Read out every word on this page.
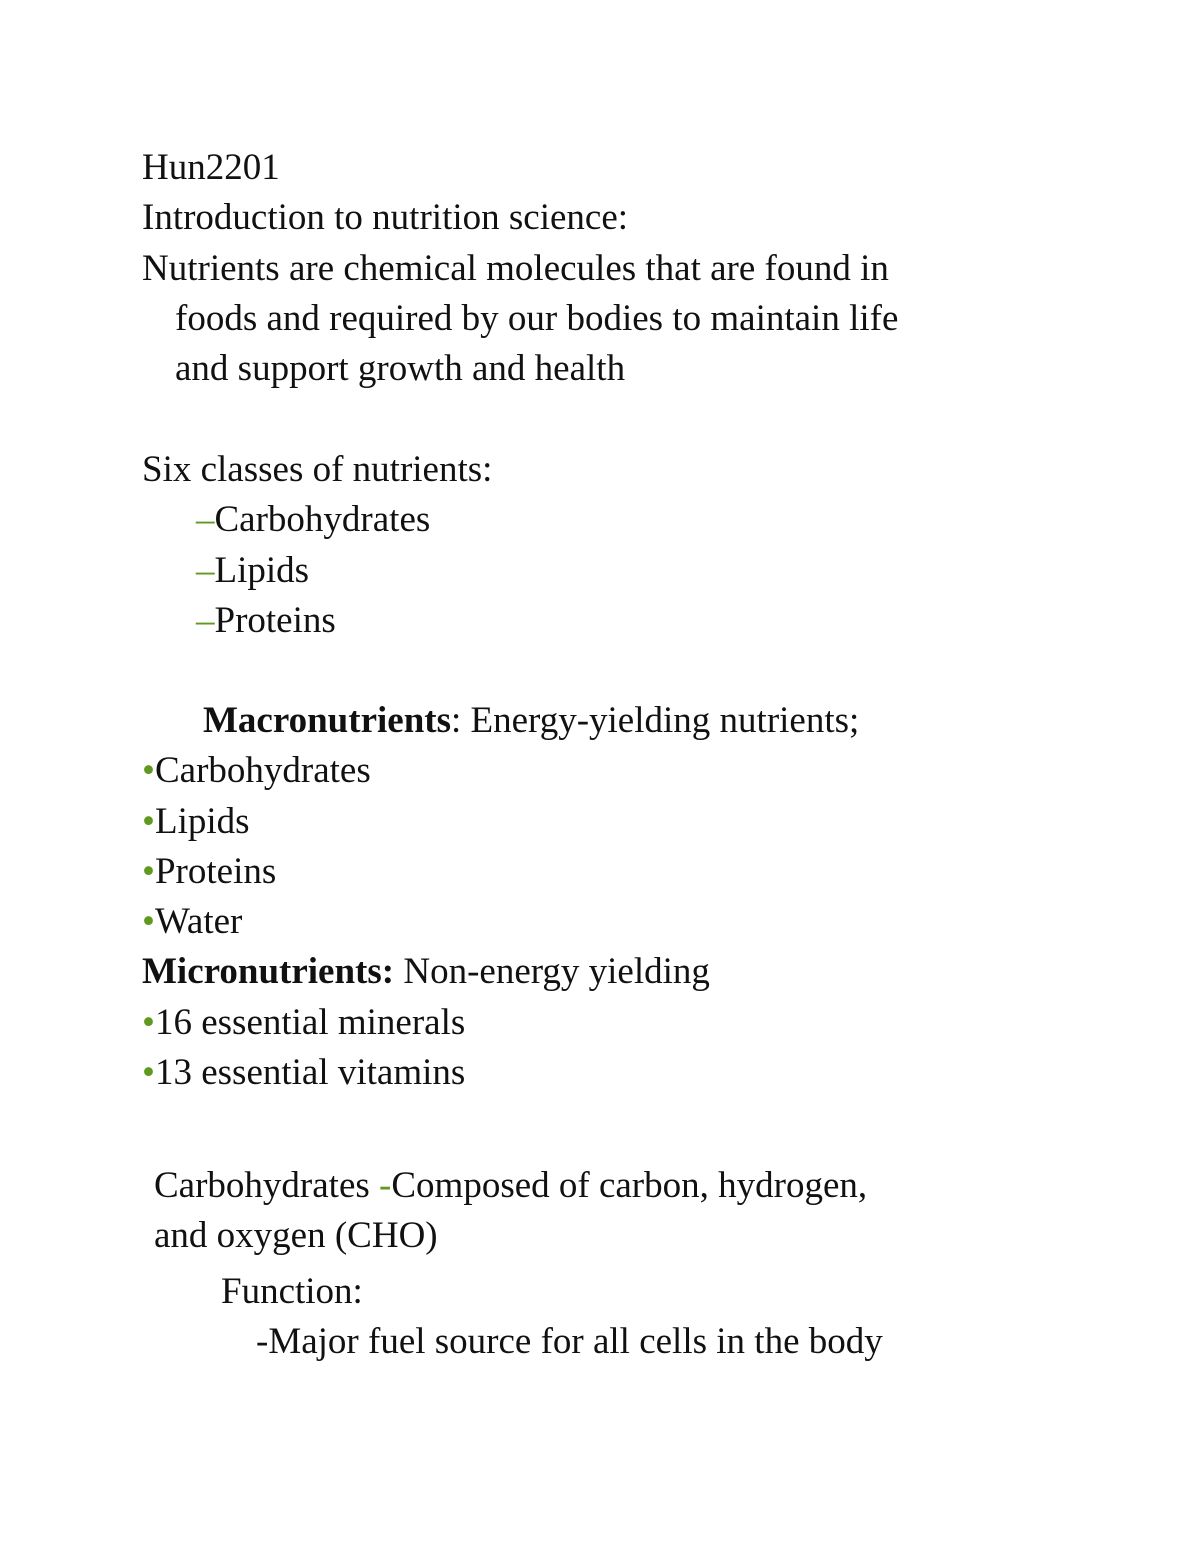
Hun2201
Introduction to nutrition science:
Nutrients are chemical molecules that are found in
foods and required by our bodies to maintain life
and support growth and health
Six classes of nutrients:
–Carbohydrates
–Lipids
–Proteins
Macronutrients: Energy-yielding nutrients;
•Carbohydrates
•Lipids
•Proteins
•Water
Micronutrients: Non-energy yielding
•16 essential minerals
•13 essential vitamins
Carbohydrates -Composed of carbon, hydrogen,
and oxygen (CHO)
Function:
-Major fuel source for all cells in the body
